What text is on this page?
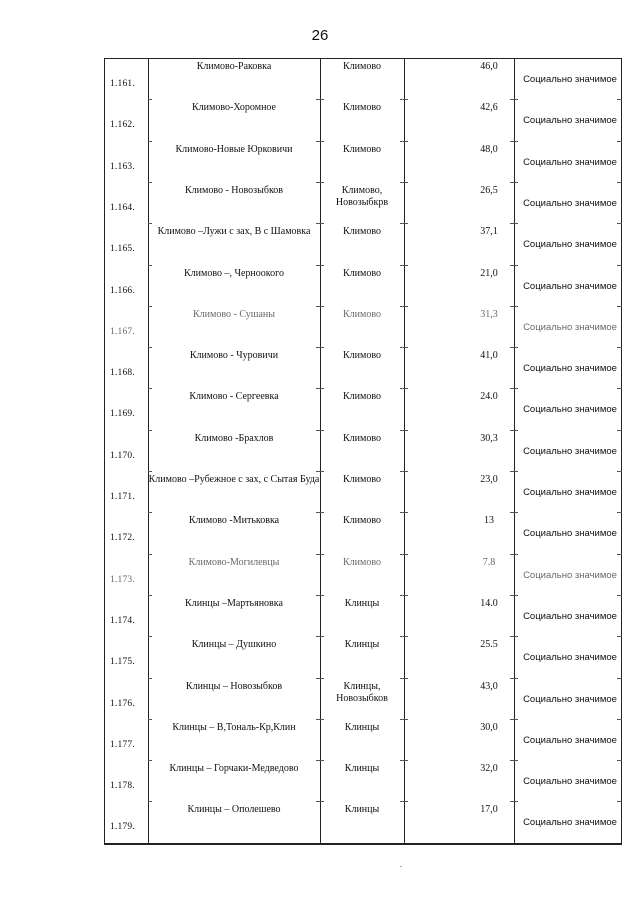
26
1.161.
Климово-Раковка	Климово	46,0
Социально значимое
1.162.
Климово-Хоромное	Климово	42,6
Социально значимое
1.163.
Климово-Новые Юрковичи	Климово	48,0
Социально значимое
1.164.
Климово - Новозыбков	Климово, Новозыбкрв
26,5
Социально значимое
1.165.
Климово –Лужи с зах, В с Шамовка	Климово	37,1
Социально значимое
1.166.
Климово –, Черноокого	Климово	21,0
Социально значимое
1.167.
Климово - Сушаны	Климово	31,3
Социально значимое
1.168.
Климово - Чуровичи	Климово	41,0
Социально значимое
1.169.
Климово - Сергеевка	Климово	24.0
Социально значимое
1.170.
Климово -Брахлов	Климово	30,3
Социально значимое
1.171.
Климово –Рубежное с зах, с Сытая Буда	Климово	23,0
Социально значимое
1.172.
Климово -Митьковка	Климово	13
Социально значимое
1.173.
Климово-Могилевцы	Климово	7.8
Социально значимое
1.174.
Клинцы –Мартьяновка	Клинцы	14.0
Социально значимое
1.175.
Клинцы – Душкино	Клинцы	25.5
Социально значимое
1.176.
Клинцы – Новозыбков	Клинцы, Новозыбков
43,0
Социально значимое
1.177.
Клинцы – В,Тональ-Кр,Клин	Клинцы	30,0
Социально значимое
1.178.
Клинцы – Горчаки-Медведово	Клинцы	32,0
Социально значимое
1.179.
Клинцы – Ополешево	Клинцы	17,0
Социально значимое
